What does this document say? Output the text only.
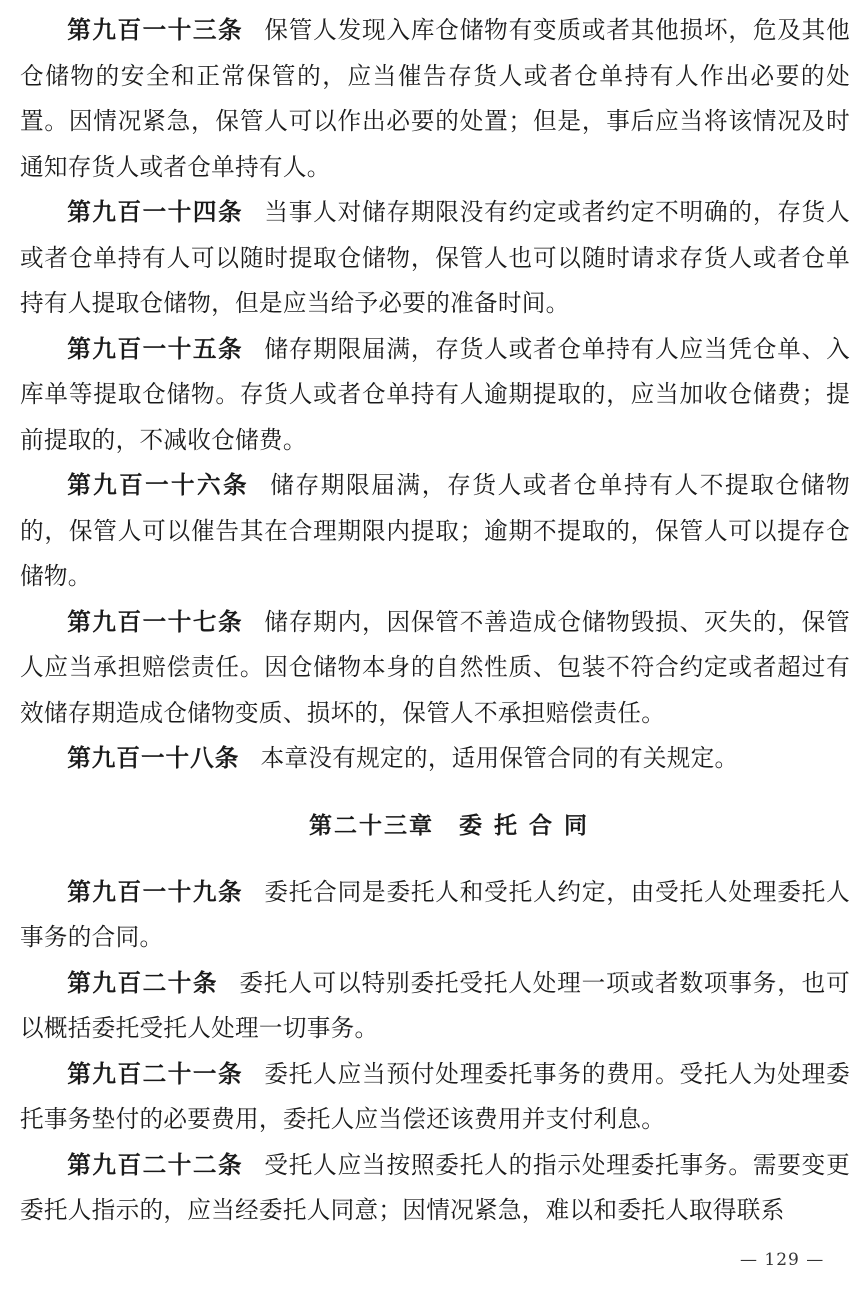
第九百一十三条 保管人发现入库仓储物有变质或者其他损坏，危及其他仓储物的安全和正常保管的，应当催告存货人或者仓单持有人作出必要的处置。因情况紧急，保管人可以作出必要的处置；但是，事后应当将该情况及时通知存货人或者仓单持有人。

第九百一十四条 当事人对储存期限没有约定或者约定不明确的，存货人或者仓单持有人可以随时提取仓储物，保管人也可以随时请求存货人或者仓单持有人提取仓储物，但是应当给予必要的准备时间。

第九百一十五条 储存期限届满，存货人或者仓单持有人应当凭仓单、入库单等提取仓储物。存货人或者仓单持有人逾期提取的，应当加收仓储费；提前提取的，不减收仓储费。

第九百一十六条 储存期限届满，存货人或者仓单持有人不提取仓储物的，保管人可以催告其在合理期限内提取；逾期不提取的，保管人可以提存仓储物。

第九百一十七条 储存期内，因保管不善造成仓储物毁损、灭失的，保管人应当承担赔偿责任。因仓储物本身的自然性质、包装不符合约定或者超过有效储存期造成仓储物变质、损坏的，保管人不承担赔偿责任。

第九百一十八条 本章没有规定的，适用保管合同的有关规定。

第二十三章　委 托 合 同

第九百一十九条 委托合同是委托人和受托人约定，由受托人处理委托人事务的合同。

第九百二十条 委托人可以特别委托受托人处理一项或者数项事务，也可以概括委托受托人处理一切事务。

第九百二十一条 委托人应当预付处理委托事务的费用。受托人为处理委托事务垫付的必要费用，委托人应当偿还该费用并支付利息。

第九百二十二条 受托人应当按照委托人的指示处理委托事务。需要变更委托人指示的，应当经委托人同意；因情况紧急，难以和委托人取得联系

— 129 —
